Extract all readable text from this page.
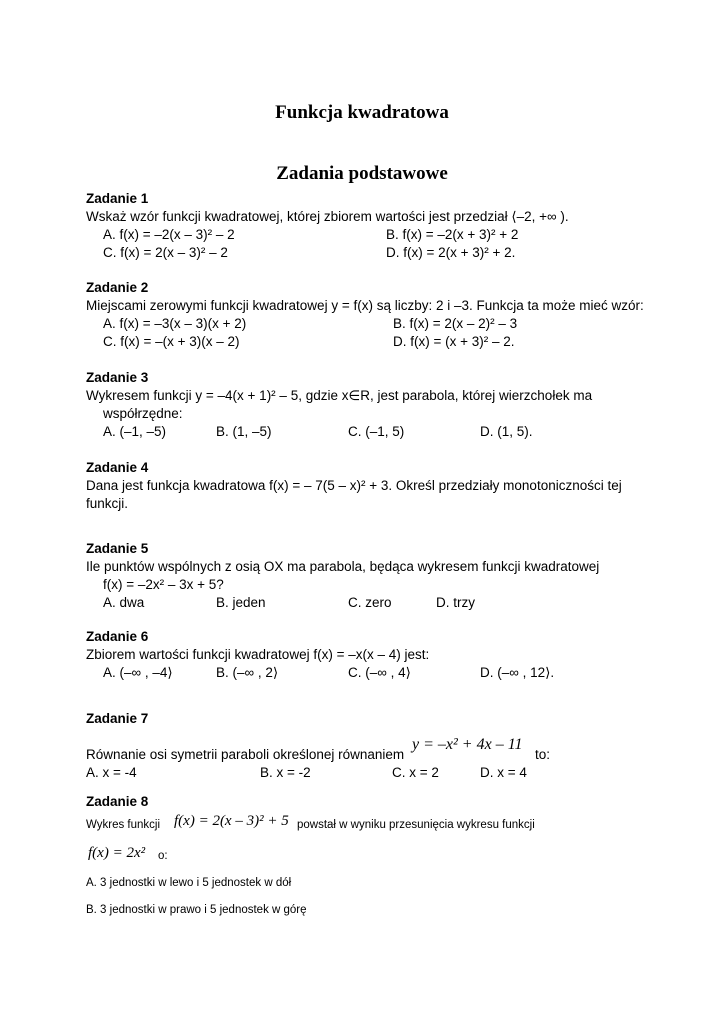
Funkcja kwadratowa
Zadania podstawowe
Zadanie 1
Wskaż wzór funkcji kwadratowej, której zbiorem wartości jest przedział ⟨–2, +∞ ).
A. f(x) = –2(x – 3)² – 2	B. f(x) = –2(x + 3)² + 2
C. f(x) = 2(x – 3)² – 2	D. f(x) = 2(x + 3)² + 2.
Zadanie 2
Miejscami zerowymi funkcji kwadratowej y = f(x) są liczby: 2 i –3. Funkcja ta może mieć wzór:
A. f(x) = –3(x – 3)(x + 2)	B. f(x) = 2(x – 2)² – 3
C. f(x) = –(x + 3)(x – 2)	D. f(x) = (x + 3)² – 2.
Zadanie 3
Wykresem funkcji y = –4(x + 1)² – 5, gdzie x∈R, jest parabola, której wierzchołek ma
współrzędne:
A. (–1, –5)	B. (1, –5)	C. (–1, 5)	D. (1, 5).
Zadanie 4
Dana jest funkcja kwadratowa f(x) = – 7(5 – x)² + 3. Określ przedziały monotoniczności tej
funkcji.
Zadanie 5
Ile punktów wspólnych z osią OX ma parabola, będąca wykresem funkcji kwadratowej
f(x) = –2x² – 3x + 5?
A. dwa	B. jeden	C. zero	D. trzy
Zadanie 6
Zbiorem wartości funkcji kwadratowej f(x) = –x(x – 4) jest:
A. (–∞ , –4⟩	B. (–∞ , 2⟩	C. (–∞ , 4⟩	D. (–∞ , 12⟩.
Zadanie 7
Równanie osi symetrii paraboli określonej równaniem
y = –x² + 4x – 11
to:
A. x = -4	B. x = -2	C. x = 2	D. x = 4
Zadanie 8
Wykres funkcji f(x) = 2(x – 3)² + 5 powstał w wyniku przesunięcia wykresu funkcji
f(x) = 2x² o:
A. 3 jednostki w lewo i 5 jednostek w dół
B. 3 jednostki w prawo i 5 jednostek w górę
